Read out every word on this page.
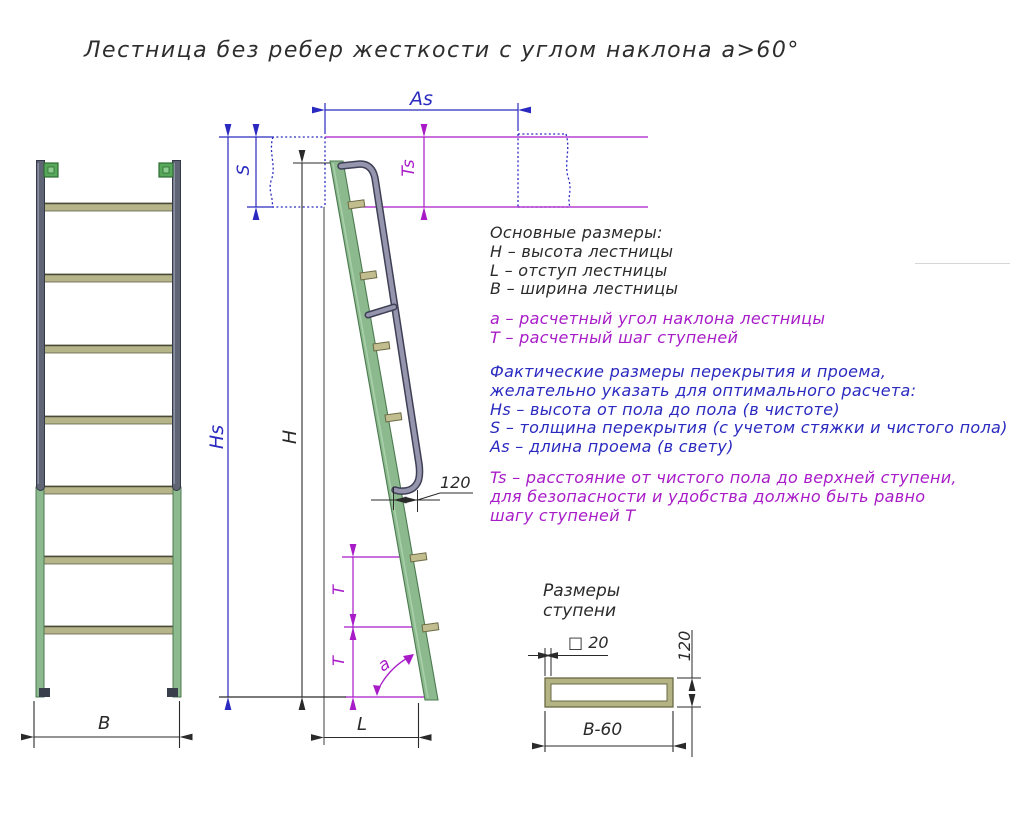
Лестница без ребер жесткости с углом наклона a>60°
As
S	Ts
Hs	H
T
T a
L
B
120
Размеры
ступени
□ 20	120
B-60
Основные размеры:
H – высота лестницы
L – отступ лестницы
B – ширина лестницы
a – расчетный угол наклона лестницы
T – расчетный шаг ступеней
Фактические размеры перекрытия и проема,
желательно указать для оптимального расчета:
Hs – высота от пола до пола (в чистоте)
S – толщина перекрытия (с учетом стяжки и чистого пола)
As – длина проема (в свету)
Ts – расстояние от чистого пола до верхней ступени,
для безопасности и удобства должно быть равно
шагу ступеней T
